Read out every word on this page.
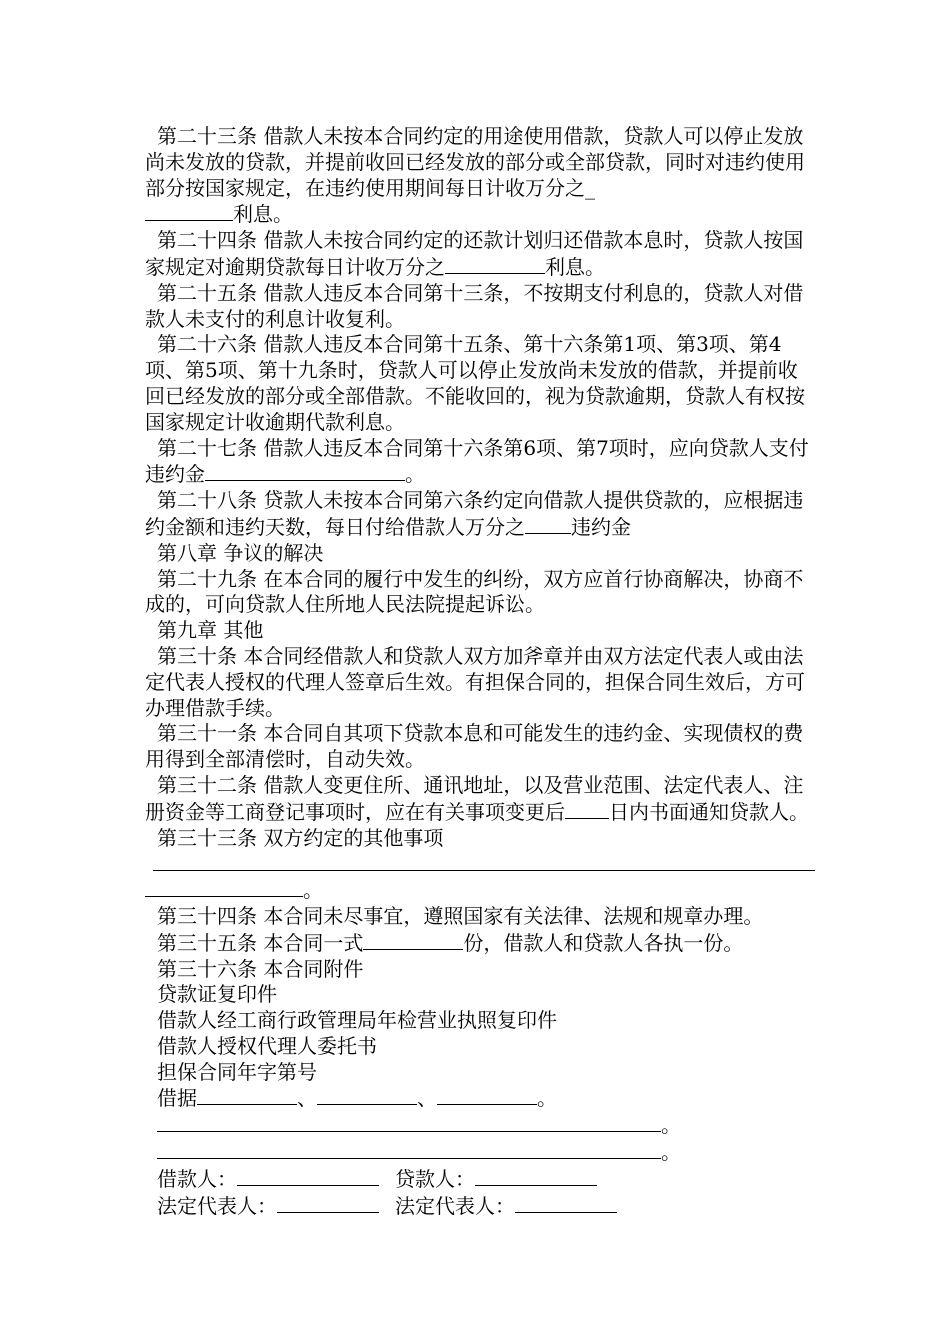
第二十三条 借款人未按本合同约定的用途使用借款，贷款人可以停止发放尚未发放的贷款，并提前收回已经发放的部分或全部贷款，同时对违约使用部分按国家规定，在违约使用期间每日计收万分之_

利息。

第二十四条 借款人未按合同约定的还款计划归还借款本息时，贷款人按国家规定对逾期贷款每日计收万分之	利息。

第二十五条 借款人违反本合同第十三条，不按期支付利息的，贷款人对借款人未支付的利息计收复利。

第二十六条 借款人违反本合同第十五条、第十六条第1项、第3项、第4项、第5项、第十九条时，贷款人可以停止发放尚未发放的借款，并提前收回已经发放的部分或全部借款。不能收回的，视为贷款逾期，贷款人有权按国家规定计收逾期代款利息。

第二十七条 借款人违反本合同第十六条第6项、第7项时，应向贷款人支付违约金	。

第二十八条 贷款人未按本合同第六条约定向借款人提供贷款的，应根据违约金额和违约天数，每日付给借款人万分之 违约金

第八章 争议的解决

第二十九条 在本合同的履行中发生的纠纷，双方应首行协商解决，协商不成的，可向贷款人住所地人民法院提起诉讼。

第九章 其他

第三十条 本合同经借款人和贷款人双方加斧章并由双方法定代表人或由法定代表人授权的代理人签章后生效。有担保合同的，担保合同生效后，方可办理借款手续。

第三十一条 本合同自其项下贷款本息和可能发生的违约金、实现债权的费用得到全部清偿时，自动失效。

第三十二条 借款人变更住所、通讯地址，以及营业范围、法定代表人、注册资金等工商登记事项时，应在有关事项变更后 日内书面通知贷款人。

第三十三条 双方约定的其他事项

。

第三十四条 本合同未尽事宜，遵照国家有关法律、法规和规章办理。

第三十五条 本合同一式	份，借款人和贷款人各执一份。

第三十六条 本合同附件

贷款证复印件

借款人经工商行政管理局年检营业执照复印件

借款人授权代理人委托书

担保合同年字第号

借据	、	、	。

。

。

借款人：	贷款人：

法定代表人：	法定代表人：
